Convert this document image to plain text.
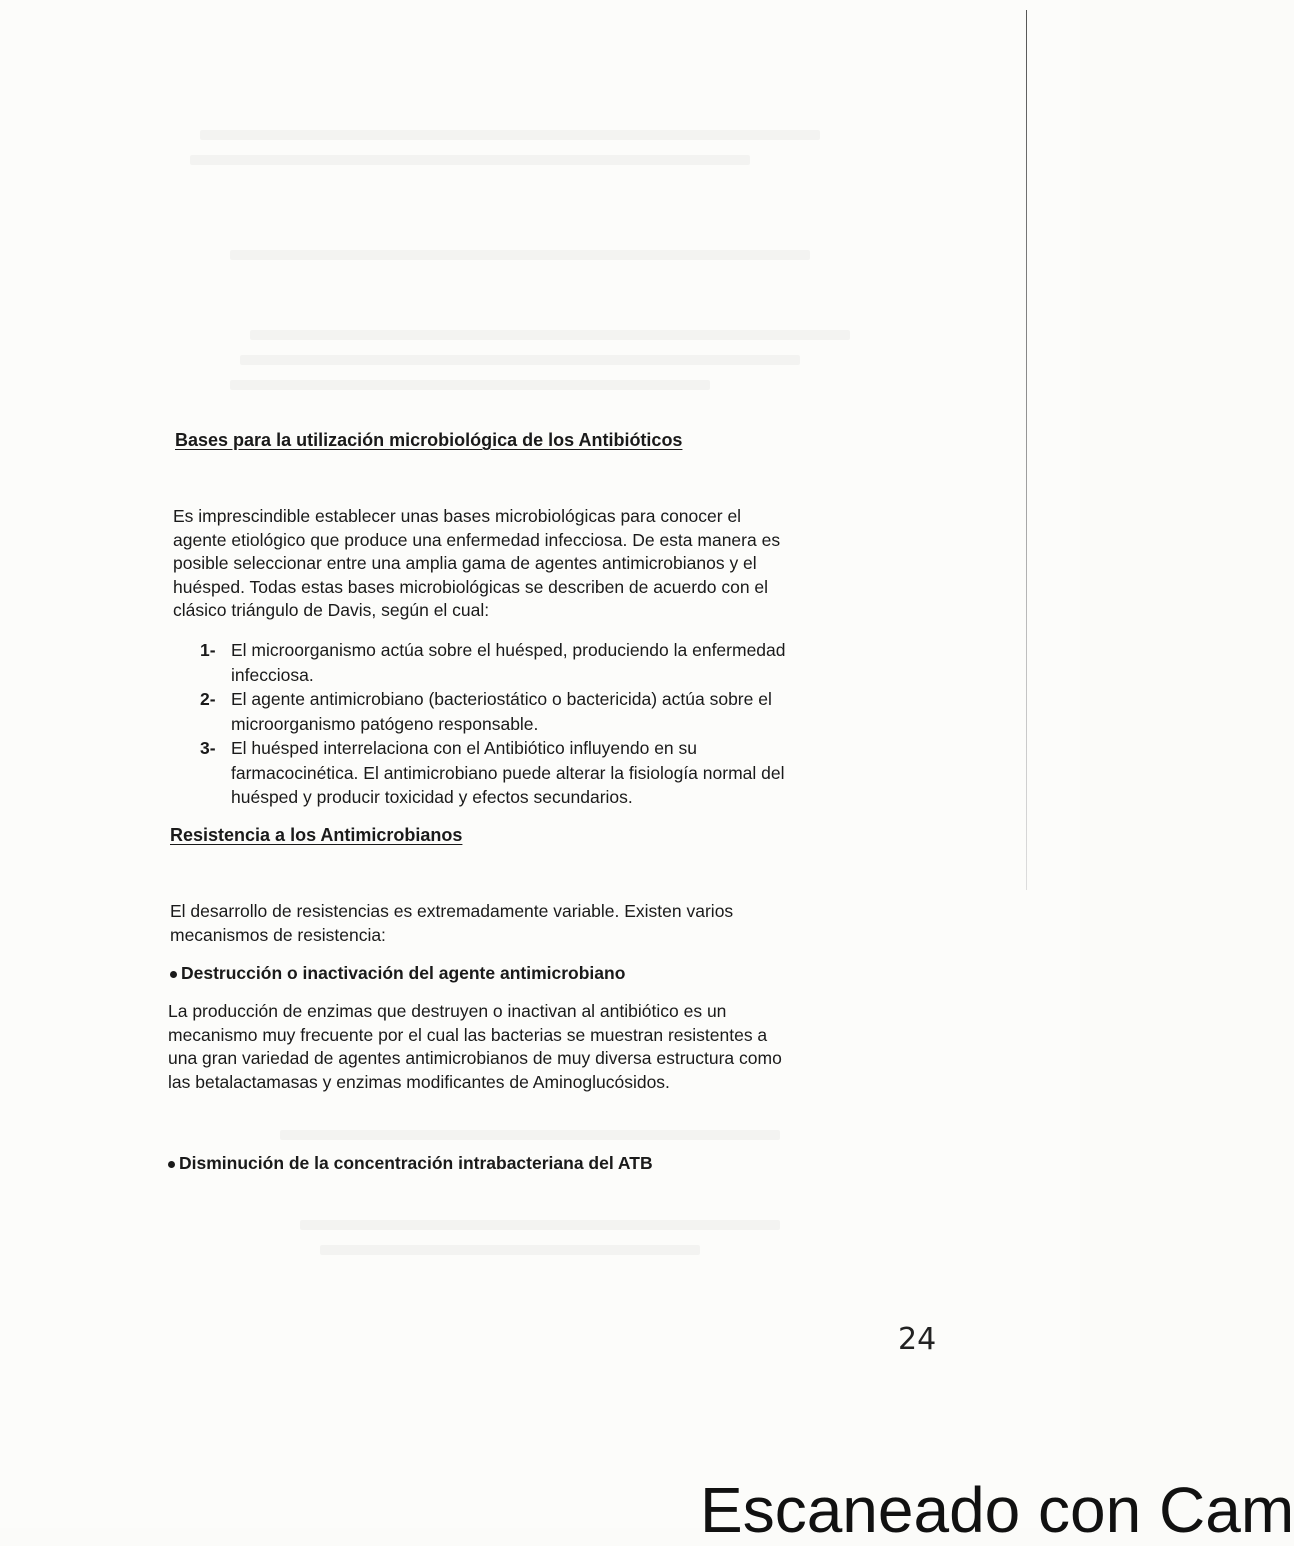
Bases para la utilización microbiológica de los Antibióticos

Es imprescindible establecer unas bases microbiológicas para conocer el
agente etiológico que produce una enfermedad infecciosa. De esta manera es
posible seleccionar entre una amplia gama de agentes antimicrobianos y el
huésped. Todas estas bases microbiológicas se describen de acuerdo con el
clásico triángulo de Davis, según el cual:

1- El microorganismo actúa sobre el huésped, produciendo la enfermedad
infecciosa.
2- El agente antimicrobiano (bacteriostático o bactericida) actúa sobre el
microorganismo patógeno responsable.
3- El huésped interrelaciona con el Antibiótico influyendo en su
farmacocinética. El antimicrobiano puede alterar la fisiología normal del
huésped y producir toxicidad y efectos secundarios.
Resistencia a los Antimicrobianos

El desarrollo de resistencias es extremadamente variable. Existen varios
mecanismos de resistencia:

Destrucción o inactivación del agente antimicrobiano

La producción de enzimas que destruyen o inactivan al antibiótico es un
mecanismo muy frecuente por el cual las bacterias se muestran resistentes a
una gran variedad de agentes antimicrobianos de muy diversa estructura como
las betalactamasas y enzimas modificantes de Aminoglucósidos.

Disminución de la concentración intrabacteriana del ATB

24
Escaneado con Cam
